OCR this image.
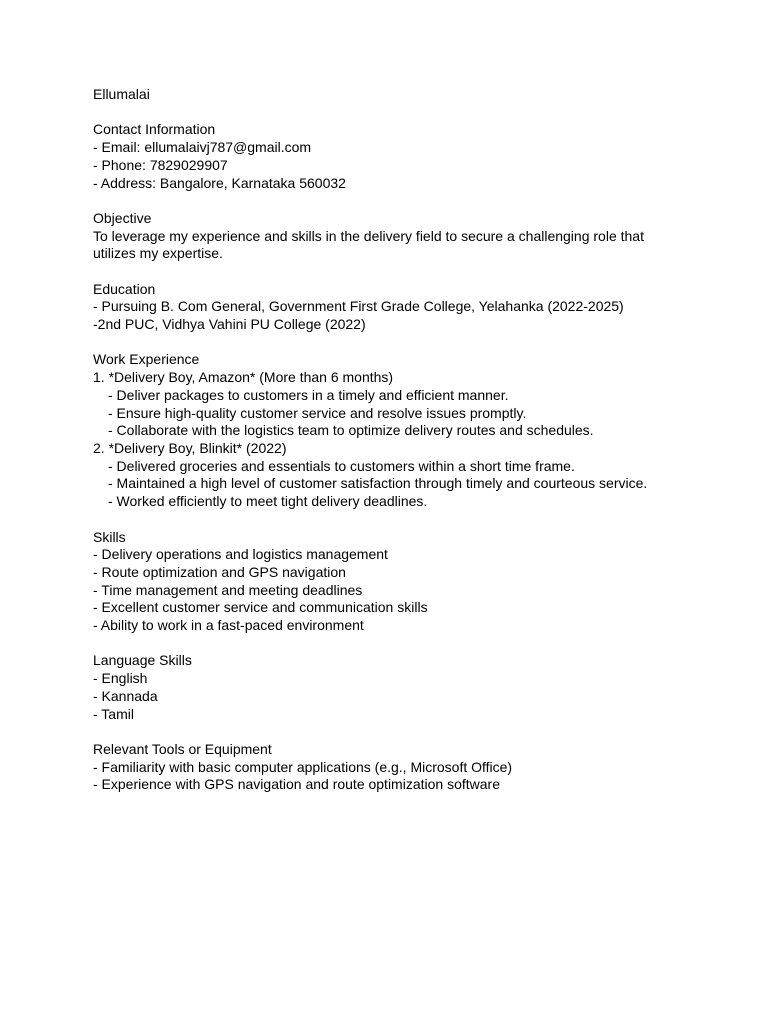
Ellumalai

Contact Information

- Email: ellumalaivj787@gmail.com

- Phone: 7829029907

- Address: Bangalore, Karnataka 560032

Objective

To leverage my experience and skills in the delivery field to secure a challenging role that

utilizes my expertise.

Education

- Pursuing B. Com General, Government First Grade College, Yelahanka (2022-2025)

-2nd PUC, Vidhya Vahini PU College (2022)

Work Experience

1. *Delivery Boy, Amazon* (More than 6 months)

- Deliver packages to customers in a timely and efficient manner.

- Ensure high-quality customer service and resolve issues promptly.

- Collaborate with the logistics team to optimize delivery routes and schedules.

2. *Delivery Boy, Blinkit* (2022)

- Delivered groceries and essentials to customers within a short time frame.

- Maintained a high level of customer satisfaction through timely and courteous service.

- Worked efficiently to meet tight delivery deadlines.

Skills

- Delivery operations and logistics management

- Route optimization and GPS navigation

- Time management and meeting deadlines

- Excellent customer service and communication skills

- Ability to work in a fast-paced environment

Language Skills

- English

- Kannada

- Tamil

Relevant Tools or Equipment

- Familiarity with basic computer applications (e.g., Microsoft Office)

- Experience with GPS navigation and route optimization software
